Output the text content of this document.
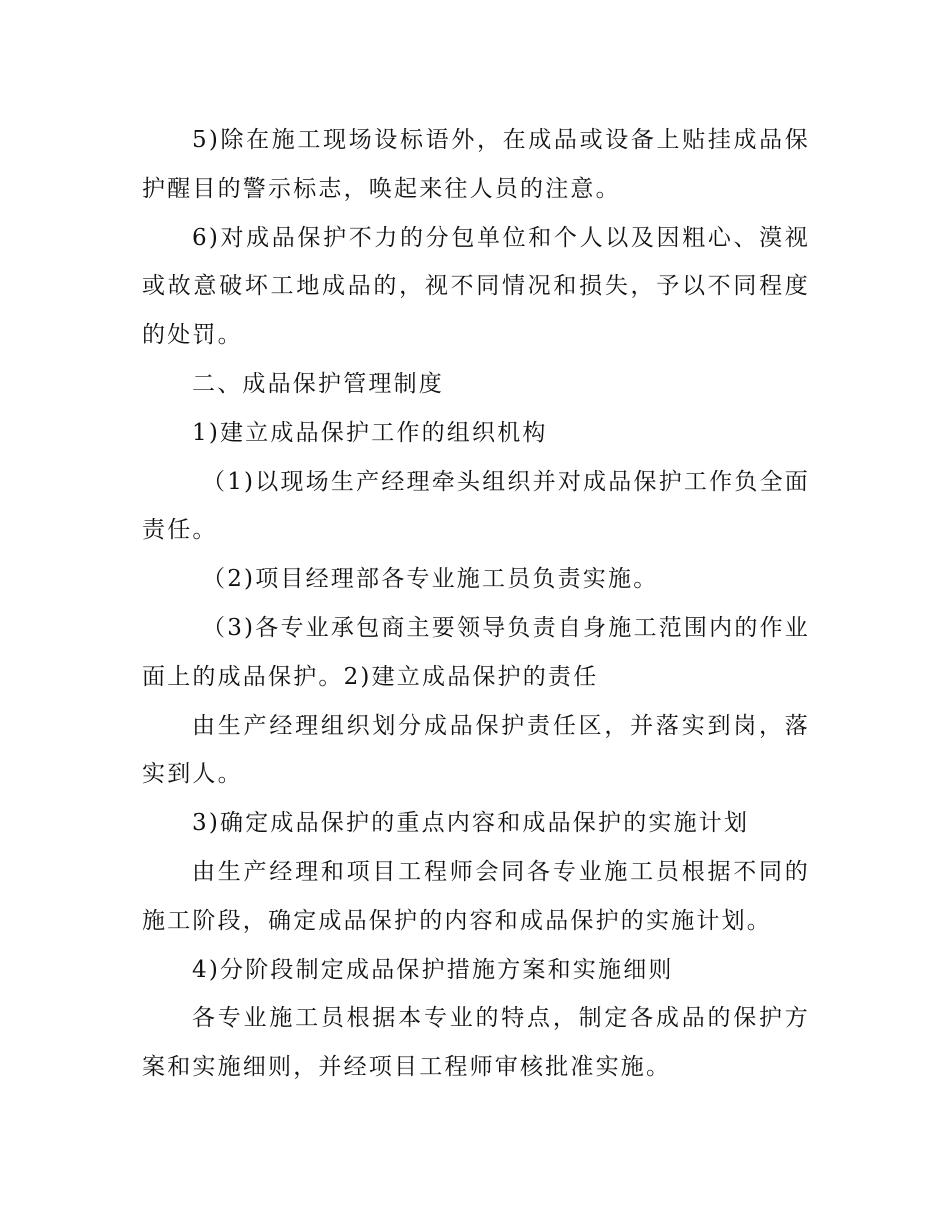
5)除在施工现场设标语外，在成品或设备上贴挂成品保护醒目的警示标志，唤起来往人员的注意。

6)对成品保护不力的分包单位和个人以及因粗心、漠视或故意破坏工地成品的，视不同情况和损失，予以不同程度的处罚。

二、成品保护管理制度

1)建立成品保护工作的组织机构

（1)以现场生产经理牵头组织并对成品保护工作负全面责任。

（2)项目经理部各专业施工员负责实施。

（3)各专业承包商主要领导负责自身施工范围内的作业面上的成品保护。2)建立成品保护的责任

由生产经理组织划分成品保护责任区，并落实到岗，落实到人。

3)确定成品保护的重点内容和成品保护的实施计划

由生产经理和项目工程师会同各专业施工员根据不同的施工阶段，确定成品保护的内容和成品保护的实施计划。

4)分阶段制定成品保护措施方案和实施细则

各专业施工员根据本专业的特点，制定各成品的保护方案和实施细则，并经项目工程师审核批准实施。
